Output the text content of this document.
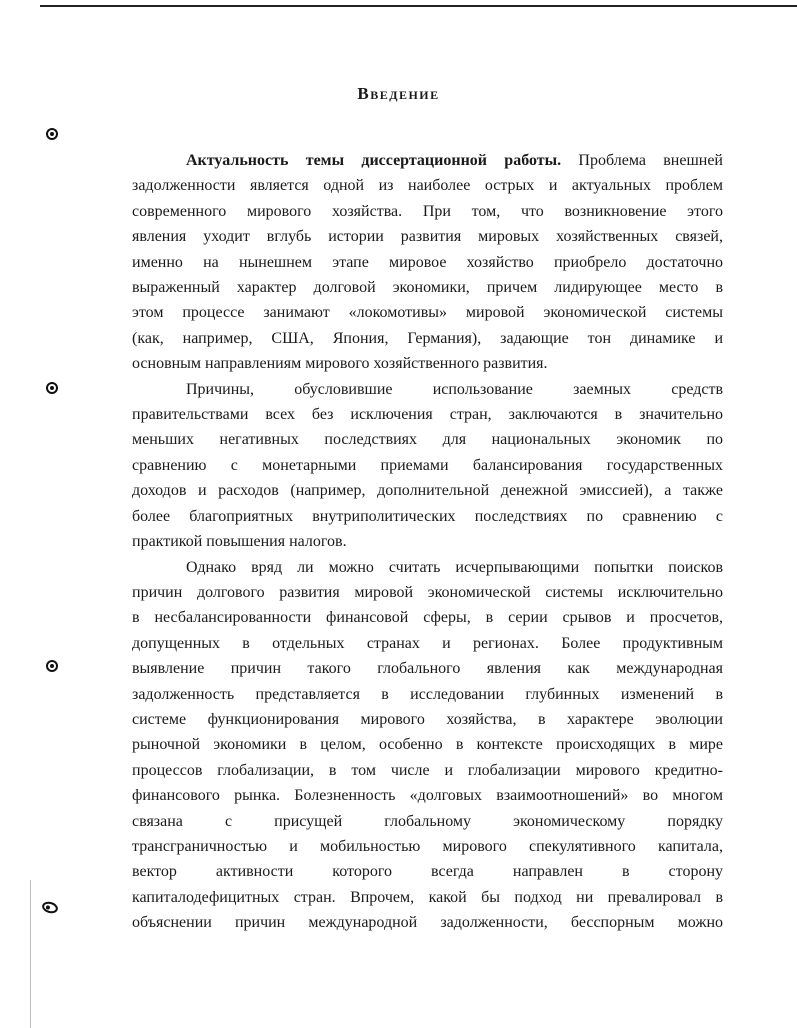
Введение
Актуальность темы диссертационной работы. Проблема внешней
задолженности является одной из наиболее острых и актуальных проблем
современного мирового хозяйства. При том, что возникновение этого
явления уходит вглубь истории развития мировых хозяйственных связей,
именно на нынешнем этапе мировое хозяйство приобрело достаточно
выраженный характер долговой экономики, причем лидирующее место в
этом процессе занимают «локомотивы» мировой экономической системы
(как, например, США, Япония, Германия), задающие тон динамике и
основным направлениям мирового хозяйственного развития.
Причины, обусловившие использование заемных средств
правительствами всех без исключения стран, заключаются в значительно
меньших негативных последствиях для национальных экономик по
сравнению с монетарными приемами балансирования государственных
доходов и расходов (например, дополнительной денежной эмиссией), а также
более благоприятных внутриполитических последствиях по сравнению с
практикой повышения налогов.
Однако вряд ли можно считать исчерпывающими попытки поисков
причин долгового развития мировой экономической системы исключительно
в несбалансированности финансовой сферы, в серии срывов и просчетов,
допущенных в отдельных странах и регионах. Более продуктивным
выявление причин такого глобального явления как международная
задолженность представляется в исследовании глубинных изменений в
системе функционирования мирового хозяйства, в характере эволюции
рыночной экономики в целом, особенно в контексте происходящих в мире
процессов глобализации, в том числе и глобализации мирового кредитно-
финансового рынка. Болезненность «долговых взаимоотношений» во многом
связана с присущей глобальному экономическому порядку
трансграничностью и мобильностью мирового спекулятивного капитала,
вектор активности которого всегда направлен в сторону
капиталодефицитных стран. Впрочем, какой бы подход ни превалировал в
объяснении причин международной задолженности, бесспорным можно
